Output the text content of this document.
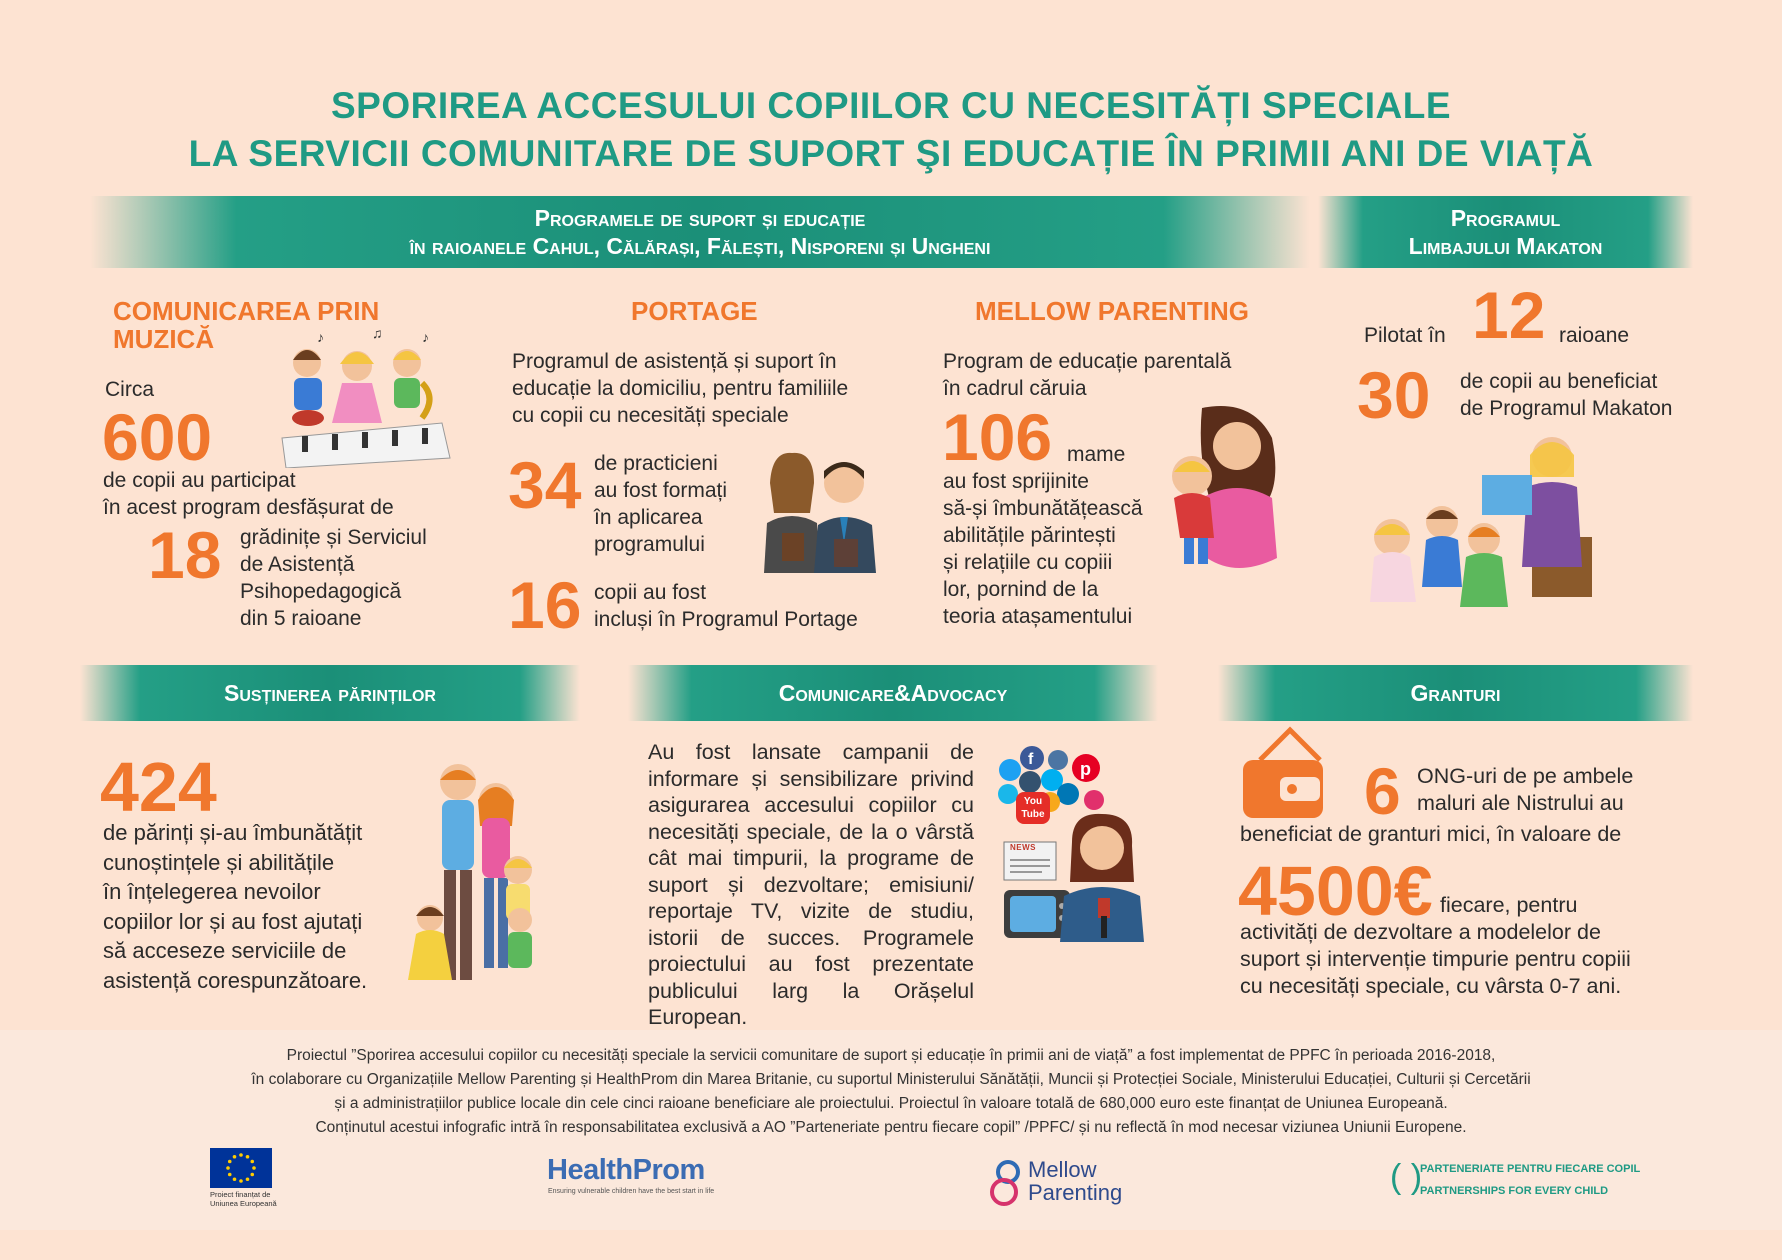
SPORIREA ACCESULUI COPIILOR CU NECESITĂȚI SPECIALE
LA SERVICII COMUNITARE DE SUPORT ŞI EDUCAȚIE ÎN PRIMII ANI DE VIAȚĂ
Programele de suport și educație
în raioanele Cahul, Călărași, Fălești, Nisporeni și Ungheni
Programul
Limbajului Makaton
COMUNICAREA PRIN
MUZICĂ
Circa
600
de copii au participat
în acest program desfășurat de
18 grădinițe și Serviciul
de Asistență
Psihopedagogică
din 5 raioane
♪	♫	♪
PORTAGE
Programul de asistență și suport în
educație la domiciliu, pentru familiile
cu copii cu necesități speciale
34 de practicieni
au fost formați
în aplicarea
programului
16 copii au fost
incluși în Programul Portage
MELLOW PARENTING
Program de educație parentală
în cadrul căruia
106 mame
au fost sprijinite
să-și îmbunătățească
abilitățile părintești
și relațiile cu copiii
lor, pornind de la
teoria atașamentului
Pilotat în 12 raioane
30 de copii au beneficiat
de Programul Makaton
Susținerea părinților	Comunicare&Advocacy	Granturi
424
de părinți și-au îmbunătățit
cunoștințele și abilitățile
în înțelegerea nevoilor
copiilor lor și au fost ajutați
să acceseze serviciile de
asistență corespunzătoare.
Au fost lansate campanii de informare și sensibilizare privind asigurarea accesului copiilor cu necesități speciale, de la o vârstă cât mai timpurii, la programe de suport și dezvoltare; emisiuni/ reportaje TV, vizite de studiu, istorii de succes. Programele proiectului au fost prezentate publicului larg la Orășelul European.
f	p
You Tube
NEWS
6 ONG-uri de pe ambele
maluri ale Nistrului au
beneficiat de granturi mici, în valoare de
4500€ fiecare, pentru
activități de dezvoltare a modelelor de
suport și intervenție timpurie pentru copiii
cu necesități speciale, cu vârsta 0-7 ani.
Proiectul ”Sporirea accesului copiilor cu necesități speciale la servicii comunitare de suport și educație în primii ani de viață” a fost implementat de PPFC în perioada 2016-2018,
în colaborare cu Organizațiile Mellow Parenting și HealthProm din Marea Britanie, cu suportul Ministerului Sănătății, Muncii și Protecției Sociale, Ministerului Educației, Culturii și Cercetării
și a administrațiilor publice locale din cele cinci raioane beneficiare ale proiectului. Proiectul în valoare totală de 680,000 euro este finanțat de Uniunea Europeană.
Conținutul acestui infografic intră în responsabilitatea exclusivă a AO ”Parteneriate pentru fiecare copil” /PPFC/ și nu reflectă în mod necesar viziunea Uniunii Europene.
Proiect finanțat de
Uniunea Europeană
HealthProm
Ensuring vulnerable children have the best start in life
Mellow
Parenting	( )
PARTENERIATE PENTRU FIECARE COPIL
PARTNERSHIPS FOR EVERY CHILD
